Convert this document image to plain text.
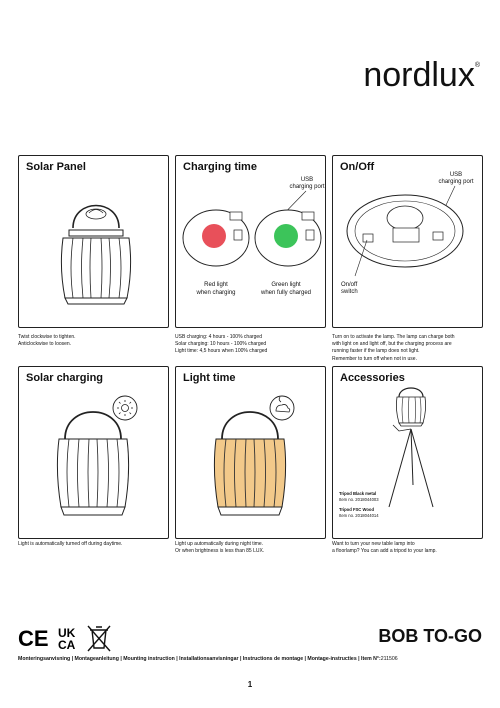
nordlux®
Solar Panel	Charging time
USB
charging port
Red light
when charging
Green light
when fully charged
On/Off
USB
charging port
On/off
switch
Twist clockwise to tighten.
Anticlockwise to loosen.
USB charging: 4 hours - 100% charged
Solar charging: 10 hours - 100% charged
Light time: 4,5 hours when 100% charged
Turn on to activate the lamp. The lamp can charge both
with light on and light off, but the charging process are
running faster if the lamp does not light.
Remember to turn off when not in use.
Solar charging	Light time	Accessories
Tripod Black metal
Item no. 2018044003
Tripod FSC Wood
Item no. 2018044014
Light is automatically turned off during daytime.	Light up automatically during night time.
Or when brightness is less than 85 LUX.
Want to turn your new table lamp into
a floorlamp? You can add a tripod to your lamp.
CE UK
CA	BOB TO-GO
Monteringsanvisning | Montageanleitung | Mounting instruction | Installationsanvisningar | Instructions de montage | Montage-instructies | Item N°:211506
1
